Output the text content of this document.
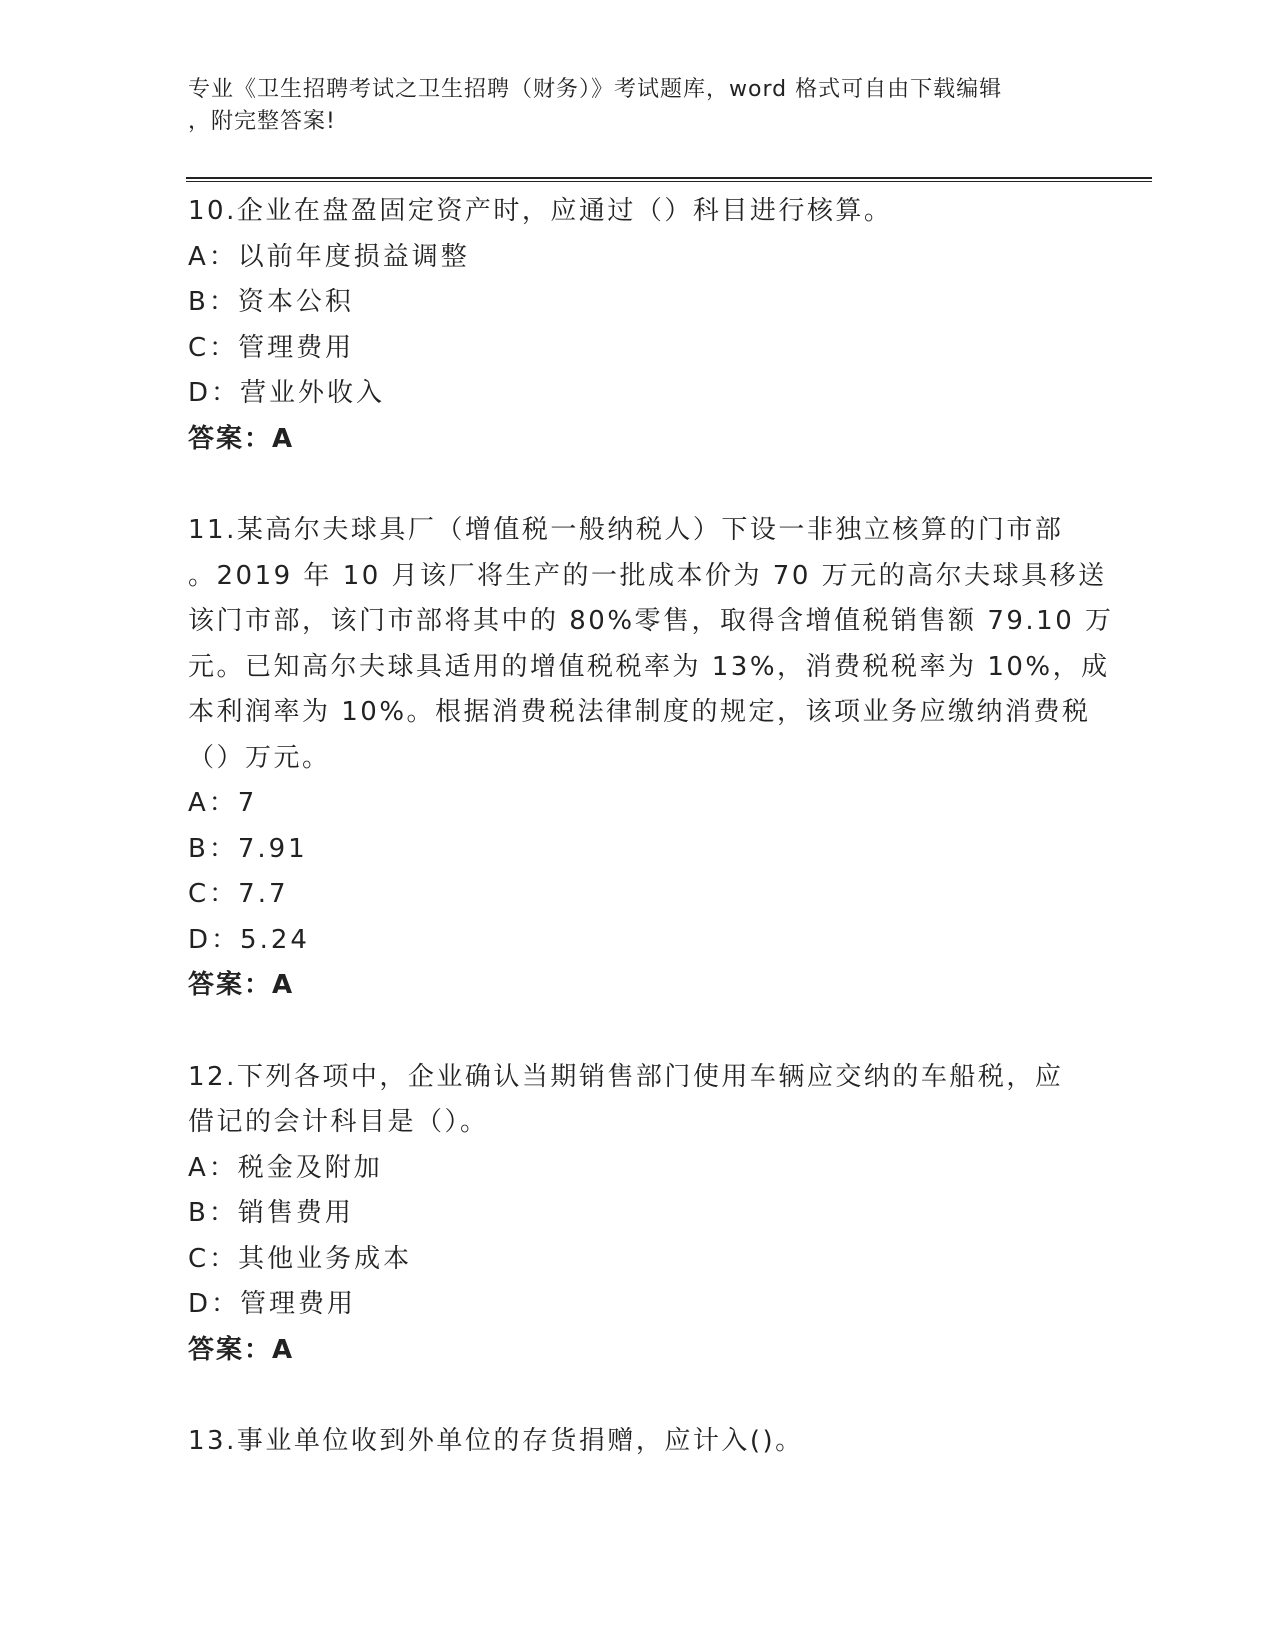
专业《卫生招聘考试之卫生招聘（财务）》考试题库，word 格式可自由下载编辑
，附完整答案!
10.企业在盘盈固定资产时，应通过（）科目进行核算。
A：以前年度损益调整
B：资本公积
C：管理费用
D：营业外收入
答案：A
11.某高尔夫球具厂（增值税一般纳税人）下设一非独立核算的门市部
。2019 年 10 月该厂将生产的一批成本价为 70 万元的高尔夫球具移送
该门市部，该门市部将其中的 80%零售，取得含增值税销售额 79.10 万
元。已知高尔夫球具适用的增值税税率为 13%，消费税税率为 10%，成
本利润率为 10%。根据消费税法律制度的规定，该项业务应缴纳消费税
（）万元。
A：7
B：7.91
C：7.7
D：5.24
答案：A
12.下列各项中，企业确认当期销售部门使用车辆应交纳的车船税，应
借记的会计科目是（）。
A：税金及附加
B：销售费用
C：其他业务成本
D：管理费用
答案：A
13.事业单位收到外单位的存货捐赠，应计入()。
